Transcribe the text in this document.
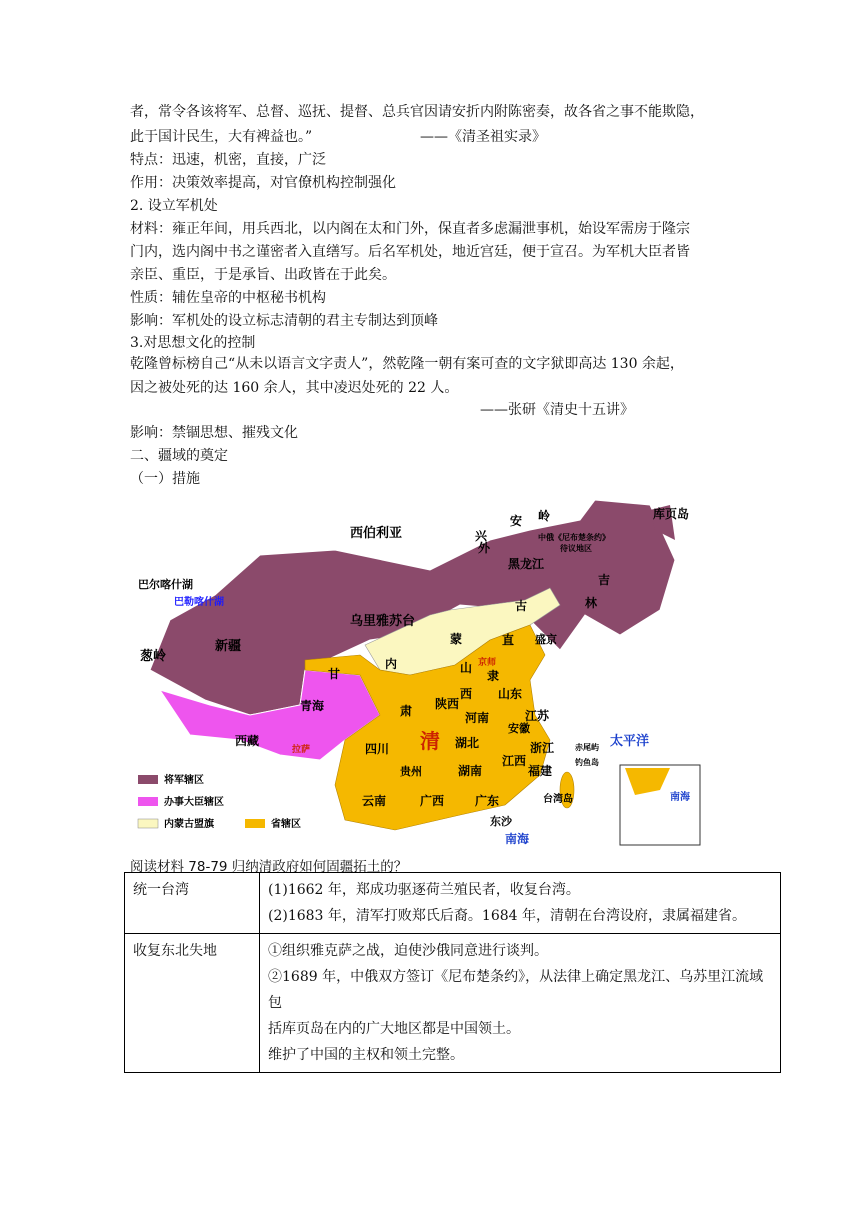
者，常令各该将军、总督、巡抚、提督、总兵官因请安折内附陈密奏，故各省之事不能欺隐，
此于国计民生，大有裨益也。”	——《清圣祖实录》
特点：迅速，机密，直接，广泛
作用：决策效率提高，对官僚机构控制强化
2. 设立军机处
材料：雍正年间，用兵西北，以内阁在太和门外，保直者多虑漏泄事机，始设军需房于隆宗
门内，选内阁中书之谨密者入直缮写。后名军机处，地近宫廷，便于宣召。为军机大臣者皆
亲臣、重臣，于是承旨、出政皆在于此矣。
性质：辅佐皇帝的中枢秘书机构
影响：军机处的设立标志清朝的君主专制达到顶峰
3.对思想文化的控制
乾隆曾标榜自己“从未以语言文字责人”，然乾隆一朝有案可查的文字狱即高达 130 余起，
因之被处死的达 160 余人，其中凌迟处死的 22 人。
——张研《清史十五讲》
影响：禁锢思想、摧残文化
二、疆域的奠定
（一）措施
将军辖区
办事大臣辖区
内蒙古盟旗	省辖区
西伯利亚
库页岛
巴尔喀什湖
巴勒喀什湖
新疆
葱岭
乌里雅苏台
安
兴
岭
外
黑龙江
中俄《尼布楚条约》
待议地区
吉
林
古
蒙	盛京
甘
内
直
隶
京师
山
西 山东
青海	陕西
肃	河南	江苏
安徽
西藏
拉萨	四川 清 湖北	浙江
江西
湖南	福建
贵州
云南	广西	广东	台湾岛
东沙
南海
太平洋
赤尾屿
钓鱼岛
南海
阅读材料 78-79 归纳清政府如何固疆拓土的？
统一台湾	(1)1662 年，郑成功驱逐荷兰殖民者，收复台湾。
(2)1683 年，清军打败郑氏后裔。1684 年，清朝在台湾设府，隶属福建省。

收复东北失地	①组织雅克萨之战，迫使沙俄同意进行谈判。
②1689 年，中俄双方签订《尼布楚条约》，从法律上确定黑龙江、乌苏里江流域包
括库页岛在内的广大地区都是中国领土。
维护了中国的主权和领土完整。
